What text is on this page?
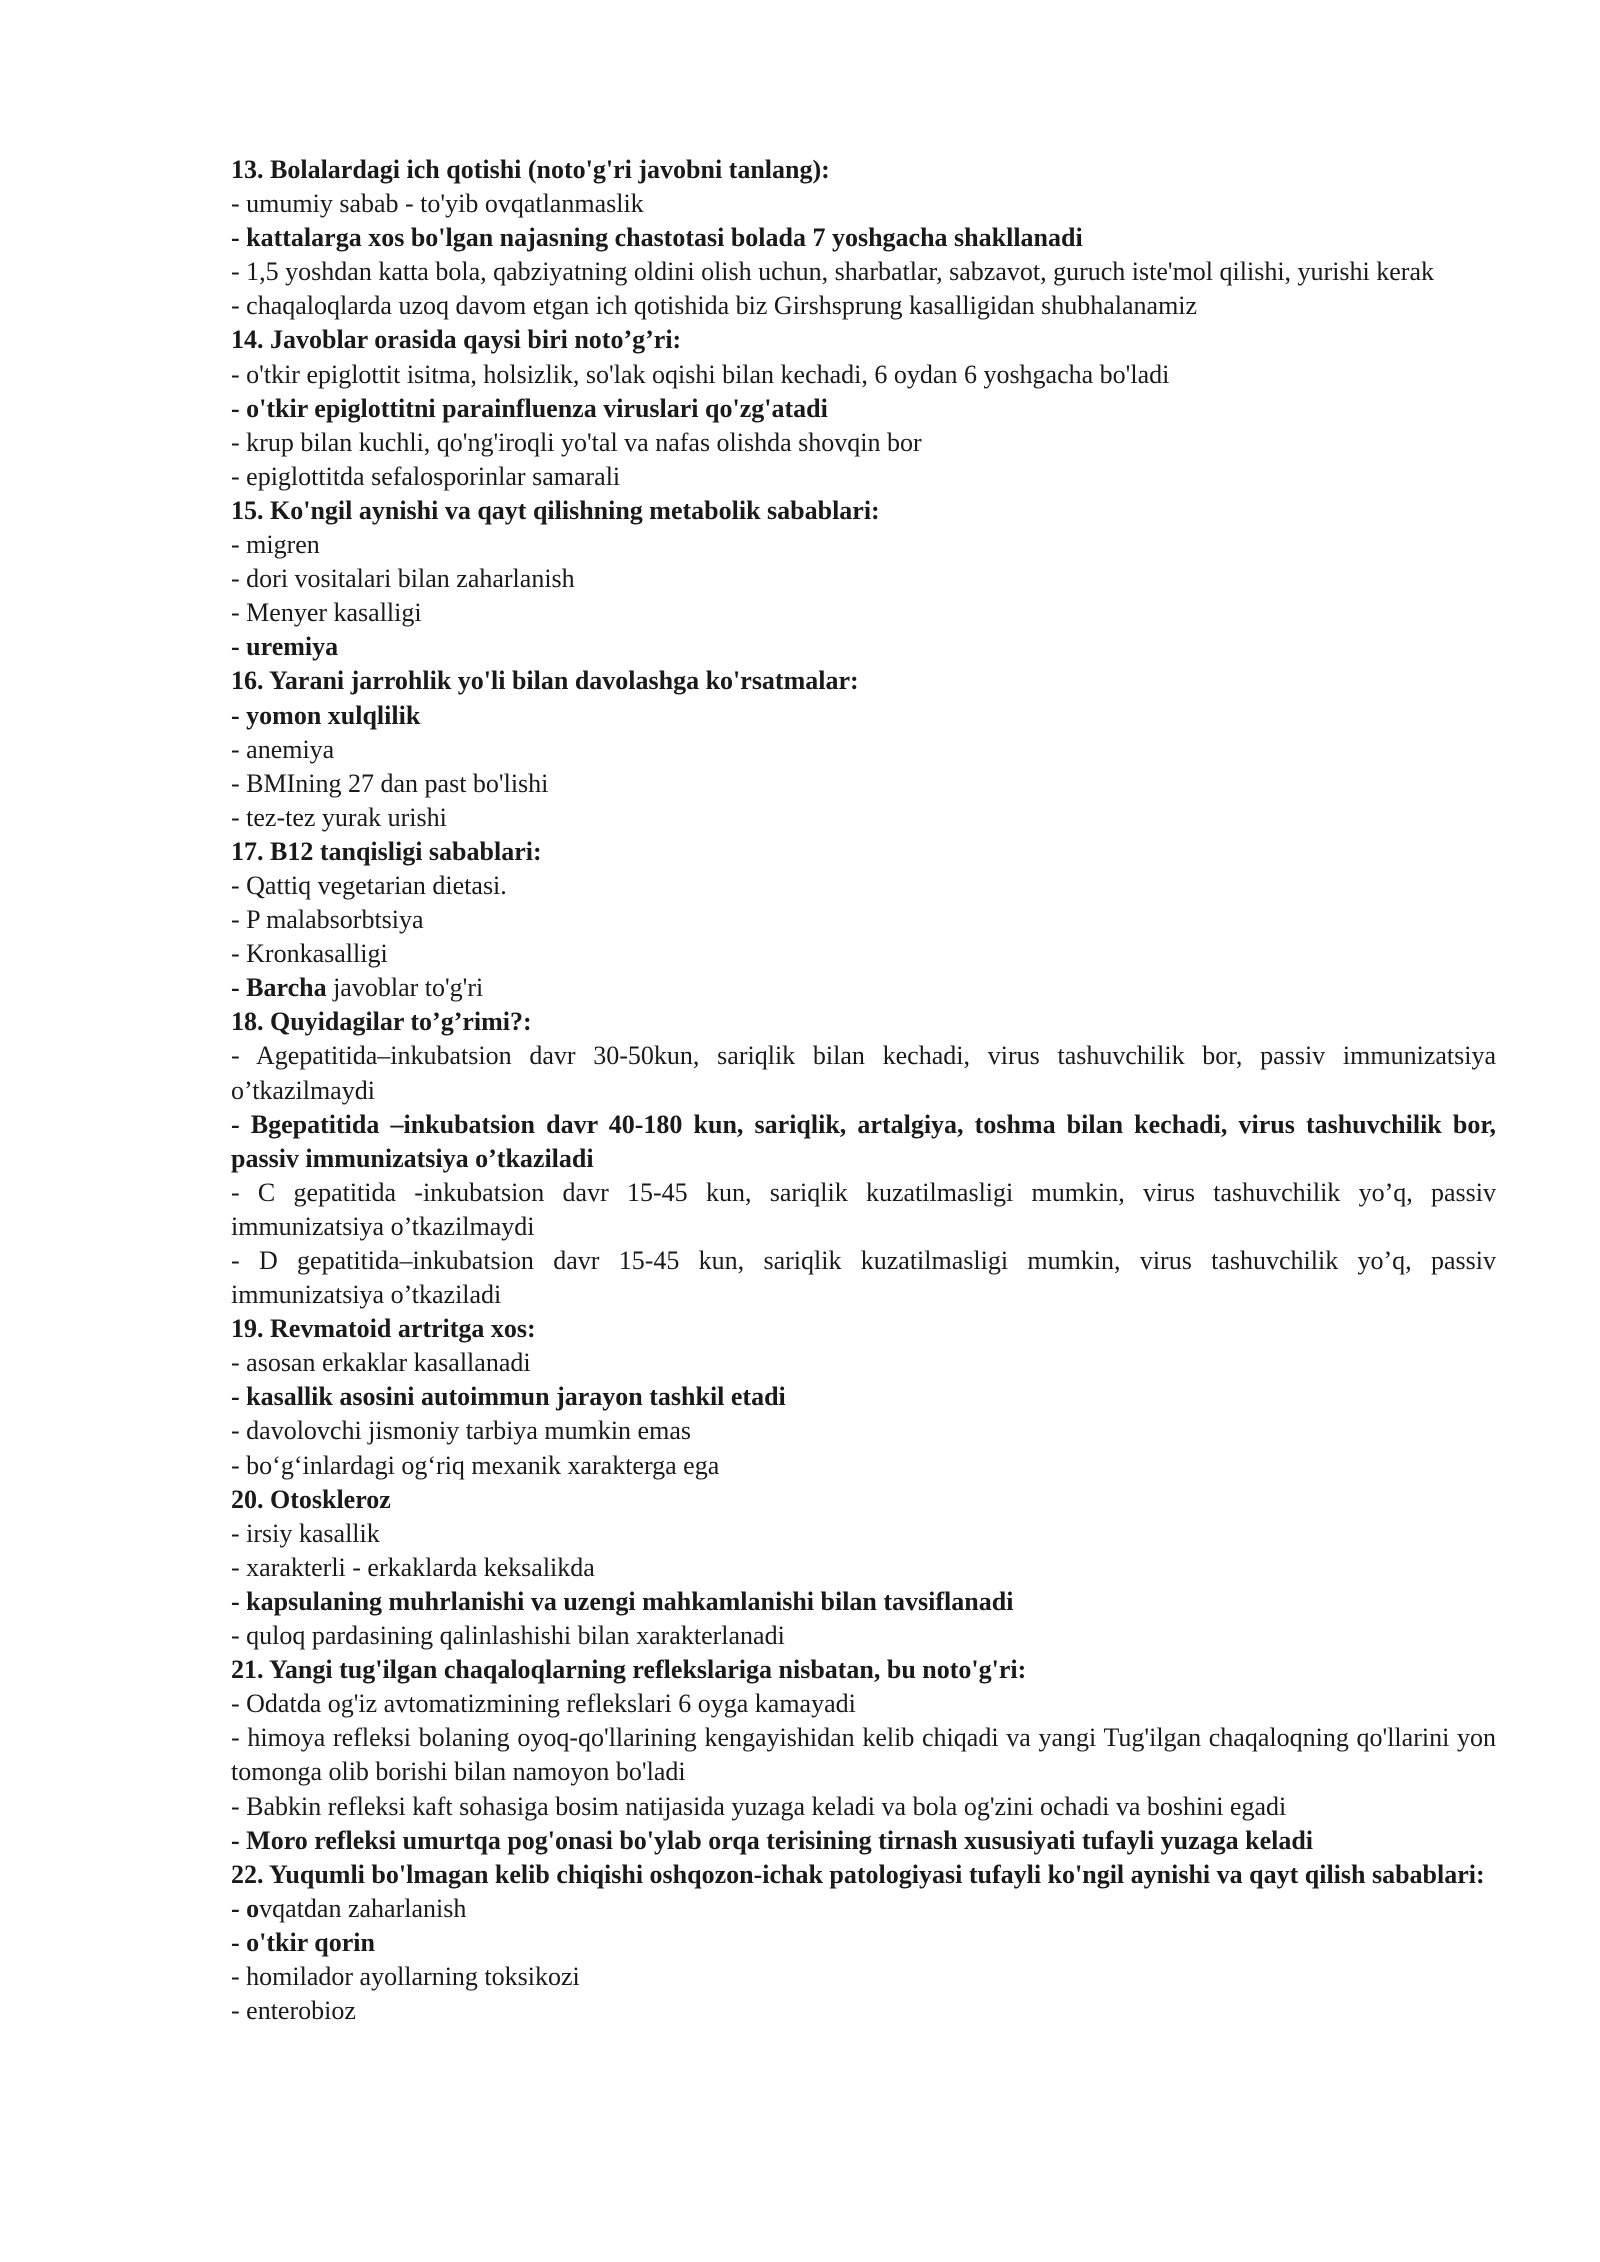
13. Bolalardagi ich qotishi (noto'g'ri javobni tanlang):
- umumiy sabab - to'yib ovqatlanmaslik
- kattalarga xos bo'lgan najasning chastotasi bolada 7 yoshgacha shakllanadi
- 1,5 yoshdan katta bola, qabziyatning oldini olish uchun, sharbatlar, sabzavot, guruch iste'mol qilishi, yurishi kerak
- chaqaloqlarda uzoq davom etgan ich qotishida biz Girshsprung kasalligidan shubhalanamiz
14. Javoblar orasida qaysi biri noto’g’ri:
- o'tkir epiglottit isitma, holsizlik, so'lak oqishi bilan kechadi, 6 oydan 6 yoshgacha bo'ladi
- o'tkir epiglottitni parainfluenza viruslari qo'zg'atadi
- krup bilan kuchli, qo'ng'iroqli yo'tal va nafas olishda shovqin bor
- epiglottitda sefalosporinlar samarali
15. Ko'ngil aynishi va qayt qilishning metabolik sabablari:
- migren
- dori vositalari bilan zaharlanish
- Menyer kasalligi
- uremiya
16. Yarani jarrohlik yo'li bilan davolashga ko'rsatmalar:
- yomon xulqlilik
- anemiya
- BMIning 27 dan past bo'lishi
- tez-tez yurak urishi
17. B12 tanqisligi sabablari:
- Qattiq vegetarian dietasi.
- P malabsorbtsiya
- Kronkasalligi
- Barcha javoblar to'g'ri
18. Quyidagilar to’g’rimi?:
- Agepatitida–inkubatsion davr 30-50kun, sariqlik bilan kechadi, virus tashuvchilik bor, passiv immunizatsiya o’tkazilmaydi
- Bgepatitida –inkubatsion davr 40-180 kun, sariqlik, artalgiya, toshma bilan kechadi, virus tashuvchilik bor, passiv immunizatsiya o’tkaziladi
- C gepatitida -inkubatsion davr 15-45 kun, sariqlik kuzatilmasligi mumkin, virus tashuvchilik yo’q, passiv immunizatsiya o’tkazilmaydi
- D gepatitida–inkubatsion davr 15-45 kun, sariqlik kuzatilmasligi mumkin, virus tashuvchilik yo’q, passiv immunizatsiya o’tkaziladi
19. Revmatoid artritga xos:
- asosan erkaklar kasallanadi
- kasallik asosini autoimmun jarayon tashkil etadi
- davolovchi jismoniy tarbiya mumkin emas
- bo‘g‘inlardagi og‘riq mexanik xarakterga ega
20. Otoskleroz
- irsiy kasallik
- xarakterli - erkaklarda keksalikda
- kapsulaning muhrlanishi va uzengi mahkamlanishi bilan tavsiflanadi
- quloq pardasining qalinlashishi bilan xarakterlanadi
21. Yangi tug'ilgan chaqaloqlarning reflekslariga nisbatan, bu noto'g'ri:
- Odatda og'iz avtomatizmining reflekslari 6 oyga kamayadi
- himoya refleksi bolaning oyoq-qo'llarining kengayishidan kelib chiqadi va yangi Tug'ilgan chaqaloqning qo'llarini yon tomonga olib borishi bilan namoyon bo'ladi
- Babkin refleksi kaft sohasiga bosim natijasida yuzaga keladi va bola og'zini ochadi va boshini egadi
- Moro refleksi umurtqa pog'onasi bo'ylab orqa terisining tirnash xususiyati tufayli yuzaga keladi
22. Yuqumli bo'lmagan kelib chiqishi oshqozon-ichak patologiyasi tufayli ko'ngil aynishi va qayt qilish sabablari:
- ovqatdan zaharlanish
- o'tkir qorin
- homilador ayollarning toksikozi
- enterobioz
